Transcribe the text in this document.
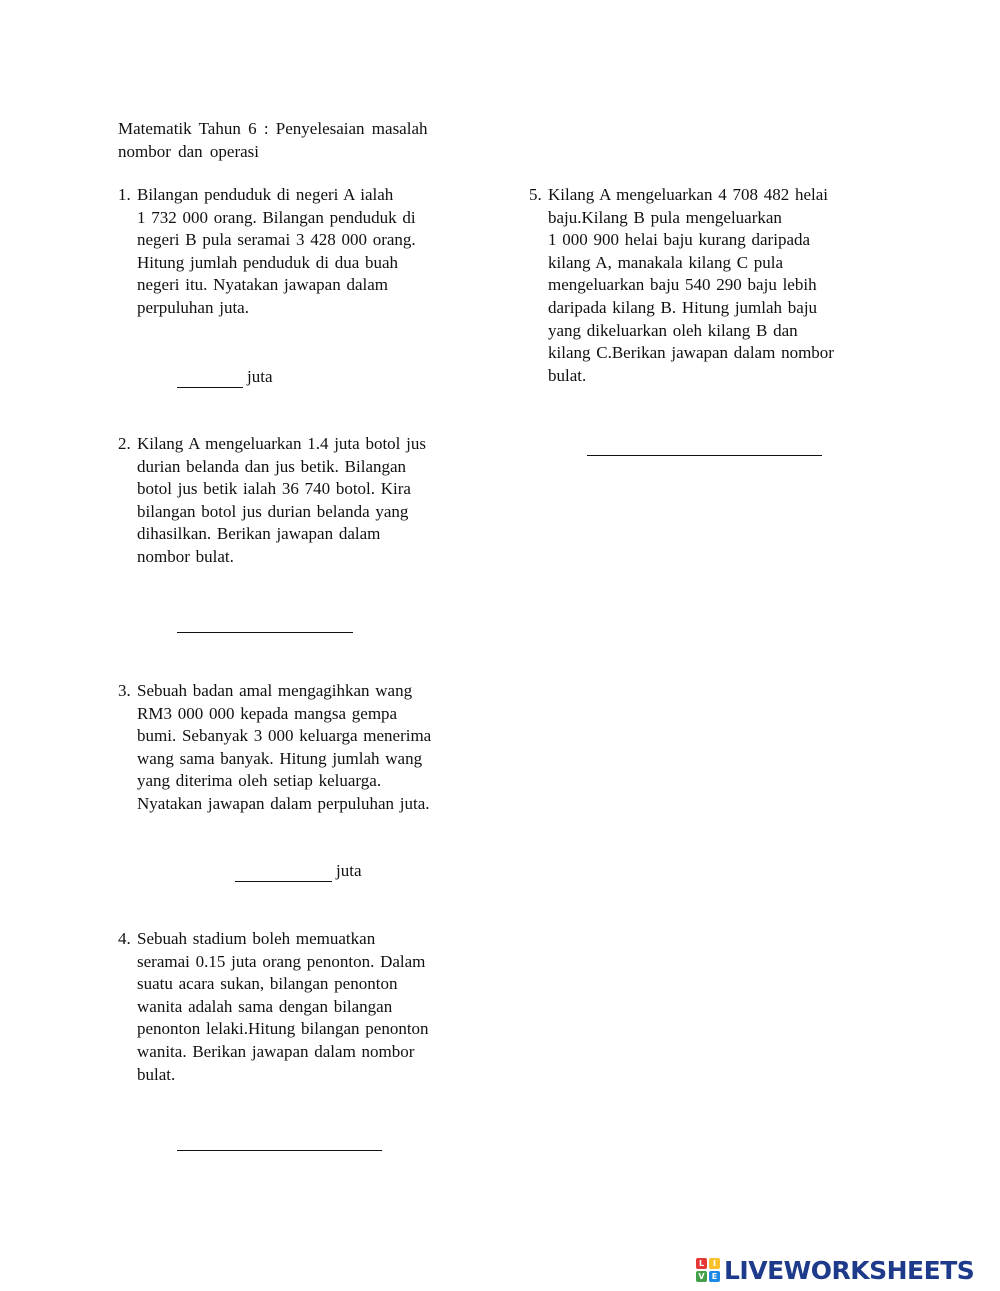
Matematik Tahun 6 : Penyelesaian masalah
nombor dan operasi
1. Bilangan penduduk di negeri A ialah
1 732 000 orang. Bilangan penduduk di
negeri B pula seramai 3 428 000 orang.
Hitung jumlah penduduk di dua buah
negeri itu. Nyatakan jawapan dalam
perpuluhan juta.
juta
2. Kilang A mengeluarkan 1.4 juta botol jus
durian belanda dan jus betik. Bilangan
botol jus betik ialah 36 740 botol. Kira
bilangan botol jus durian belanda yang
dihasilkan. Berikan jawapan dalam
nombor bulat.
3. Sebuah badan amal mengagihkan wang
RM3 000 000 kepada mangsa gempa
bumi. Sebanyak 3 000 keluarga menerima
wang sama banyak. Hitung jumlah wang
yang diterima oleh setiap keluarga.
Nyatakan jawapan dalam perpuluhan juta.
juta
4. Sebuah stadium boleh memuatkan
seramai 0.15 juta orang penonton. Dalam
suatu acara sukan, bilangan penonton
wanita adalah sama dengan bilangan
penonton lelaki.Hitung bilangan penonton
wanita. Berikan jawapan dalam nombor
bulat.
5. Kilang A mengeluarkan 4 708 482 helai
baju.Kilang B pula mengeluarkan
1 000 900 helai baju kurang daripada
kilang A, manakala kilang C pula
mengeluarkan baju 540 290 baju lebih
daripada kilang B. Hitung jumlah baju
yang dikeluarkan oleh kilang B dan
kilang C.Berikan jawapan dalam nombor
bulat.
L	I
V E LIVEWORKSHEETS
